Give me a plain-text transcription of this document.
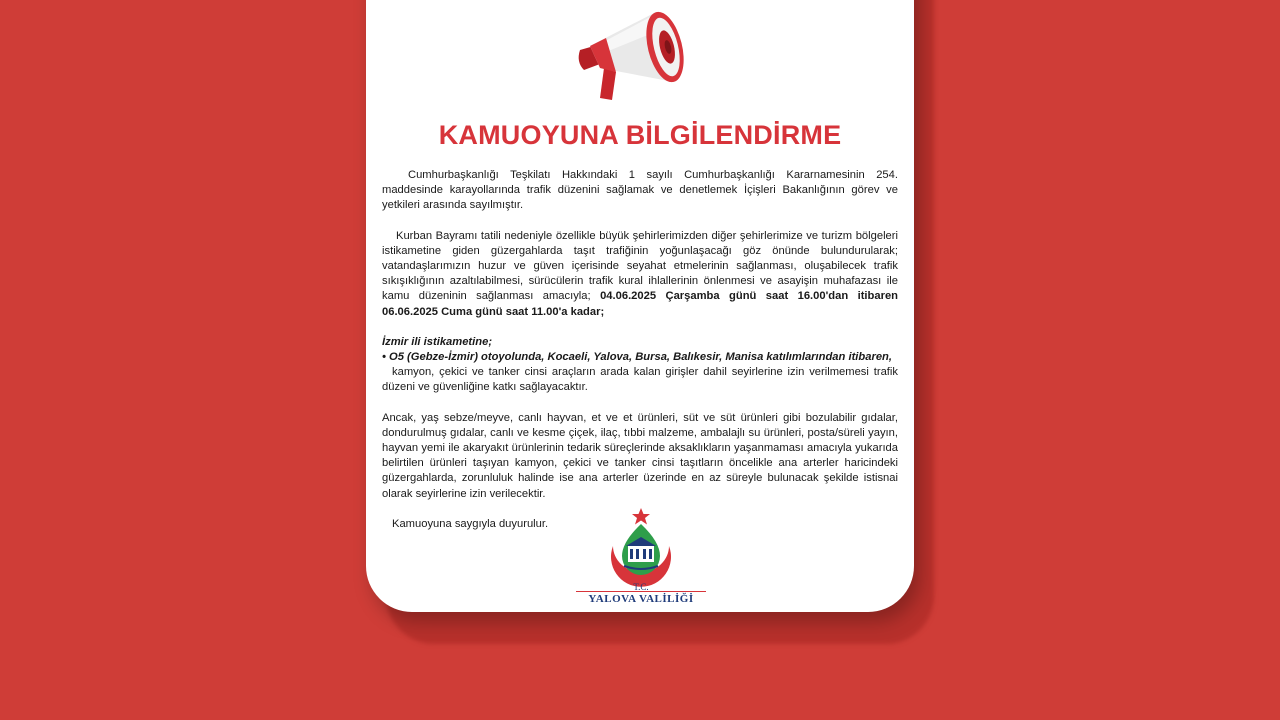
KAMUOYUNA BİLGİLENDİRME

Cumhurbaşkanlığı Teşkilatı Hakkındaki 1 sayılı Cumhurbaşkanlığı Kararnamesinin 254. maddesinde karayollarında trafik düzenini sağlamak ve denetlemek İçişleri Bakanlığının görev ve yetkileri arasında sayılmıştır.

Kurban Bayramı tatili nedeniyle özellikle büyük şehirlerimizden diğer şehirlerimize ve turizm bölgeleri istikametine giden güzergahlarda taşıt trafiğinin yoğunlaşacağı göz önünde bulundurularak; vatandaşlarımızın huzur ve güven içerisinde seyahat etmelerinin sağlanması, oluşabilecek trafik sıkışıklığının azaltılabilmesi, sürücülerin trafik kural ihlallerinin önlenmesi ve asayişin muhafazası ile kamu düzeninin sağlanması amacıyla; 04.06.2025 Çarşamba günü saat 16.00'dan itibaren 06.06.2025 Cuma günü saat 11.00'a kadar;

İzmir ili istikametine;

• O5 (Gebze-İzmir) otoyolunda, Kocaeli, Yalova, Bursa, Balıkesir, Manisa katılımlarından itibaren,

kamyon, çekici ve tanker cinsi araçların arada kalan girişler dahil seyirlerine izin verilmemesi trafik düzeni ve güvenliğine katkı sağlayacaktır.

Ancak, yaş sebze/meyve, canlı hayvan, et ve et ürünleri, süt ve süt ürünleri gibi bozulabilir gıdalar, dondurulmuş gıdalar, canlı ve kesme çiçek, ilaç, tıbbi malzeme, ambalajlı su ürünleri, posta/süreli yayın, hayvan yemi ile akaryakıt ürünlerinin tedarik süreçlerinde aksaklıkların yaşanmaması amacıyla yukarıda belirtilen ürünleri taşıyan kamyon, çekici ve tanker cinsi taşıtların öncelikle ana arterler haricindeki güzergahlarda, zorunluluk halinde ise ana arterler üzerinde en az süreyle bulunacak şekilde istisnai olarak seyirlerine izin verilecektir.

Kamuoyuna saygıyla duyurulur.

T.C.
YALOVA VALİLİĞİ
